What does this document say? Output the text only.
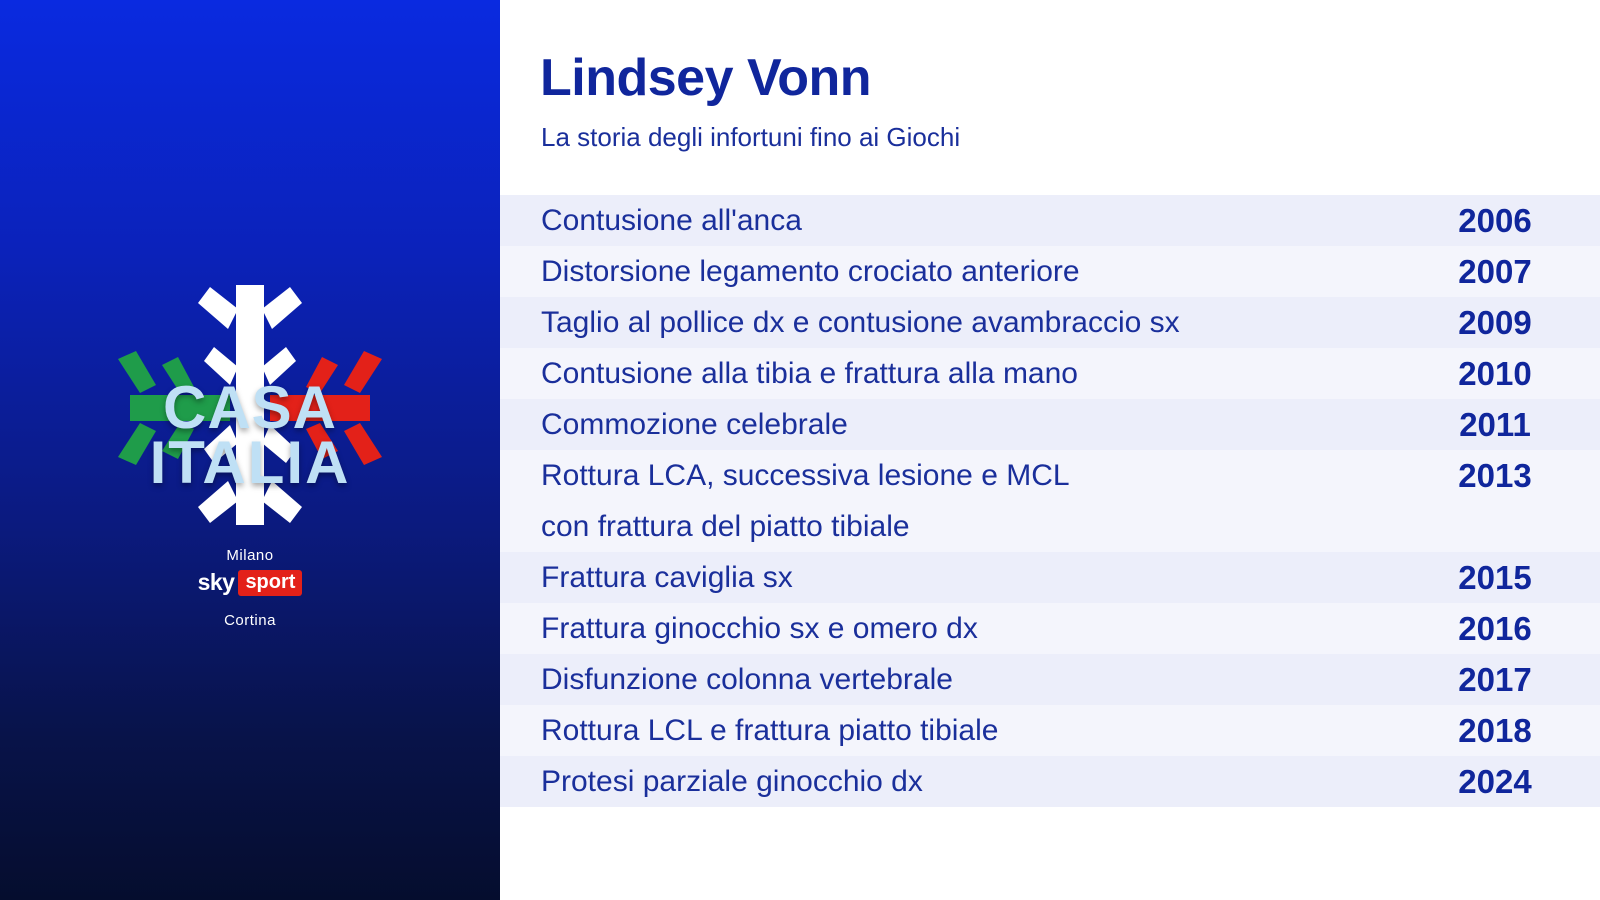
CASA
ITALIA
Milano
sky sport
Cortina
Lindsey Vonn
La storia degli infortuni fino ai Giochi
Contusione all'anca	2006
Distorsione legamento crociato anteriore	2007
Taglio al pollice dx e contusione avambraccio sx	2009
Contusione alla tibia e frattura alla mano	2010
Commozione celebrale	2011
Rottura LCA, successiva lesione e MCL	2013
con frattura del piatto tibiale
Frattura caviglia sx	2015
Frattura ginocchio sx e omero dx	2016
Disfunzione colonna vertebrale	2017
Rottura LCL e frattura piatto tibiale	2018
Protesi parziale ginocchio dx	2024
